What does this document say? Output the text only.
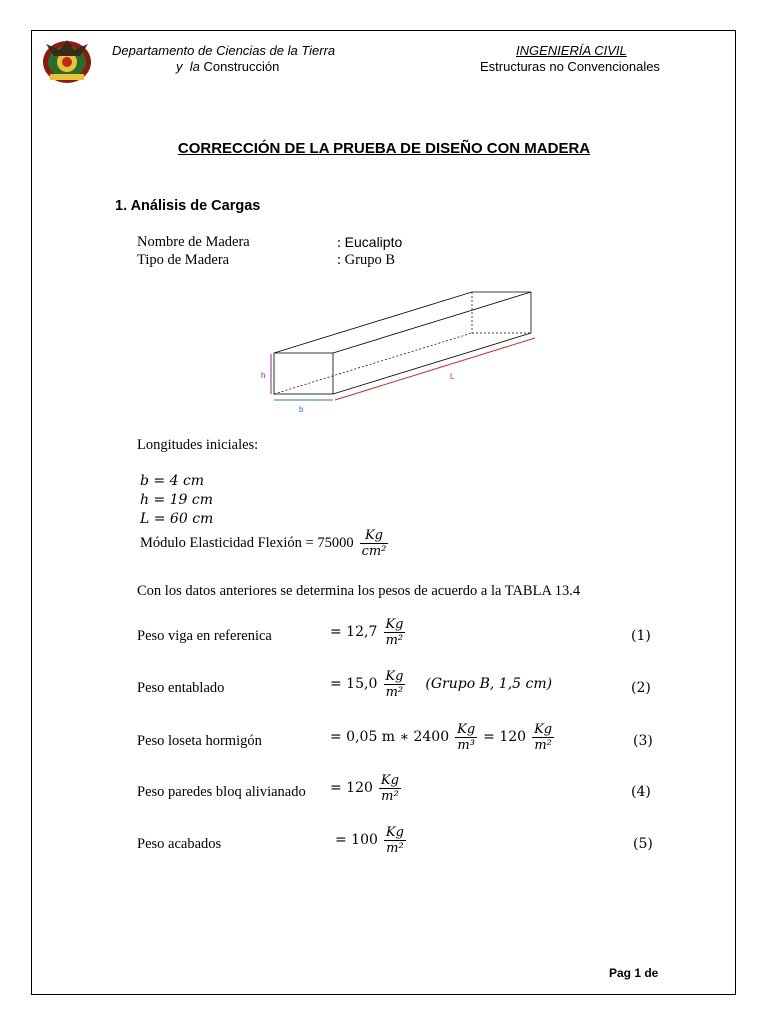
Departamento de Ciencias de la Tierra
y la Construcción
INGENIERÍA CIVIL
Estructuras no Convencionales
CORRECCIÓN DE LA PRUEBA DE DISEÑO CON MADERA
1. Análisis de Cargas
Nombre de Madera	: Eucalipto
Tipo de Madera	: Grupo B
h
b
L
Longitudes iniciales:
b = 4 cm
h = 19 cm
L = 60 cm
Módulo Elasticidad Flexión = $75000 \frac{Kg}{\text{cm²}}$
Con los datos anteriores se determina los pesos de acuerdo a la TABLA 13.4
Peso viga en referenica	= $12,7 \frac{Kg}{\text{m²}}$	(1)
Peso entablado	= $15,0 \frac{Kg}{\text{m²}}$ (Grupo B, 1,5 cm)	(2)
Peso loseta hormigón	= 0,05 m ∗ $2400 \frac{Kg}{\text{m³}} = 120 \frac{Kg}{\text{m²}}$	(3)
Peso paredes bloq alivianado = $120 \frac{Kg}{\text{m²}}$	(4)
Peso acabados	= $100 \frac{Kg}{\text{m²}}$	(5)
Pag 1 de
